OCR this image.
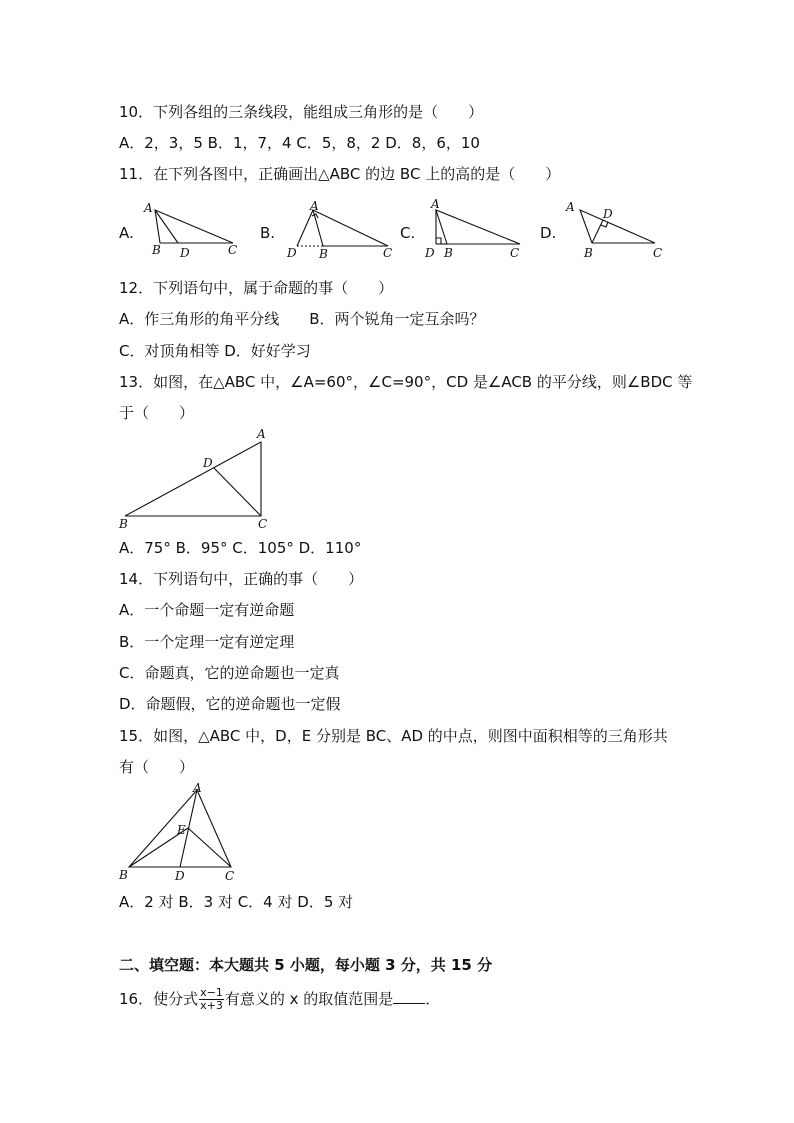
10．下列各组的三条线段，能组成三角形的是（　　）
A．2，3，5 B．1，7，4 C．5，8，2 D．8，6，10
11．在下列各图中，正确画出△ABC 的边 BC 上的高的是（　　）
A.
A
B D	C
B.
A
D B	C
C.
A
D B	C
D.
A D
B	C
12．下列语句中，属于命题的事（　　）
A．作三角形的角平分线　　B．两个锐角一定互余吗？
C．对顶角相等 D．好好学习
13．如图，在△ABC 中，∠A=60°，∠C=90°，CD 是∠ACB 的平分线，则∠BDC 等
于（　　）
A
D
B	C
A．75° B．95° C．105° D．110°
14．下列语句中，正确的事（　　）
A．一个命题一定有逆命题
B．一个定理一定有逆定理
C．命题真，它的逆命题也一定真
D．命题假，它的逆命题也一定假
15．如图，△ABC 中，D，E 分别是 BC、AD 的中点，则图中面积相等的三角形共
有（　　）
A
E
B	D	C
A．2 对 B．3 对 C．4 对 D．5 对
二、填空题：本大题共 5 小题，每小题 3 分，共 15 分
16．使分式 $\frac{x-1}{x+3}$ 有意义的 x 的取值范围是 ．
